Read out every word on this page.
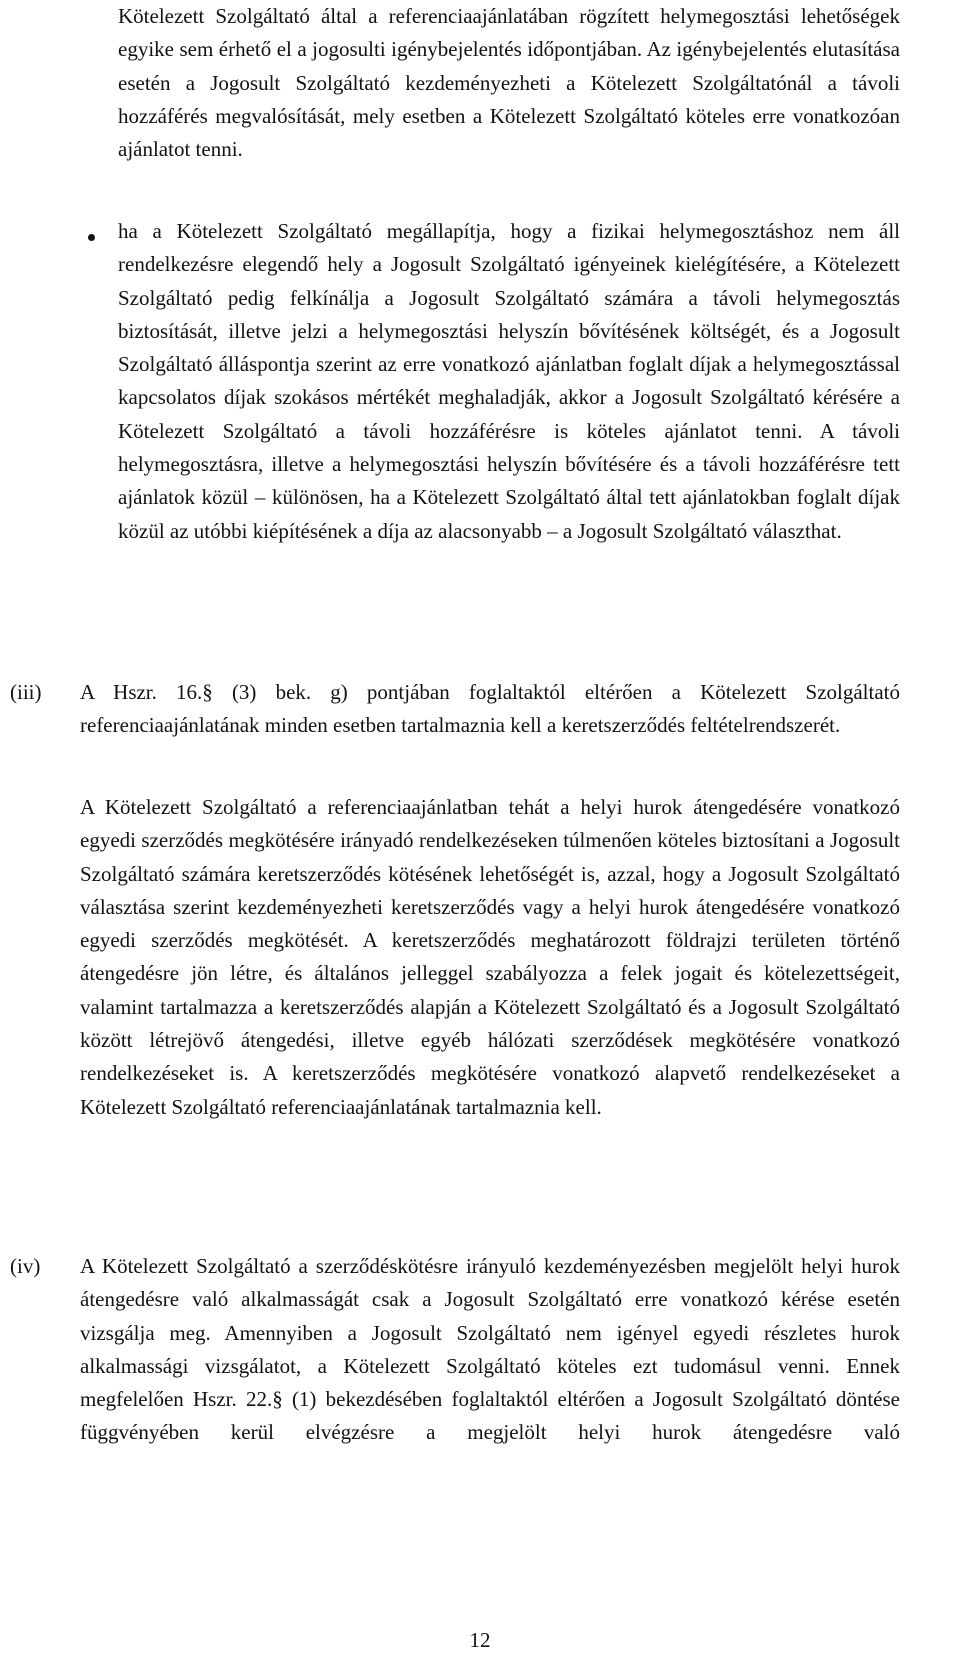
Kötelezett Szolgáltató által a referenciaajánlatában rögzített helymegosztási lehetőségek egyike sem érhető el a jogosulti igénybejelentés időpontjában. Az igénybejelentés elutasítása esetén a Jogosult Szolgáltató kezdeményezheti a Kötelezett Szolgáltatónál a távoli hozzáférés megvalósítását, mely esetben a Kötelezett Szolgáltató köteles erre vonatkozóan ajánlatot tenni.

ha a Kötelezett Szolgáltató megállapítja, hogy a fizikai helymegosztáshoz nem áll rendelkezésre elegendő hely a Jogosult Szolgáltató igényeinek kielégítésére, a Kötelezett Szolgáltató pedig felkínálja a Jogosult Szolgáltató számára a távoli helymegosztás biztosítását, illetve jelzi a helymegosztási helyszín bővítésének költségét, és a Jogosult Szolgáltató álláspontja szerint az erre vonatkozó ajánlatban foglalt díjak a helymegosztással kapcsolatos díjak szokásos mértékét meghaladják, akkor a Jogosult Szolgáltató kérésére a Kötelezett Szolgáltató a távoli hozzáférésre is köteles ajánlatot tenni. A távoli helymegosztásra, illetve a helymegosztási helyszín bővítésére és a távoli hozzáférésre tett ajánlatok közül – különösen, ha a Kötelezett Szolgáltató által tett ajánlatokban foglalt díjak közül az utóbbi kiépítésének a díja az alacsonyabb – a Jogosult Szolgáltató választhat.

(iii) A Hszr. 16.§ (3) bek. g) pontjában foglaltaktól eltérően a Kötelezett Szolgáltató referenciaajánlatának minden esetben tartalmaznia kell a keretszerződés feltételrendszerét.

A Kötelezett Szolgáltató a referenciaajánlatban tehát a helyi hurok átengedésére vonatkozó egyedi szerződés megkötésére irányadó rendelkezéseken túlmenően köteles biztosítani a Jogosult Szolgáltató számára keretszerződés kötésének lehetőségét is, azzal, hogy a Jogosult Szolgáltató választása szerint kezdeményezheti keretszerződés vagy a helyi hurok átengedésére vonatkozó egyedi szerződés megkötését. A keretszerződés meghatározott földrajzi területen történő átengedésre jön létre, és általános jelleggel szabályozza a felek jogait és kötelezettségeit, valamint tartalmazza a keretszerződés alapján a Kötelezett Szolgáltató és a Jogosult Szolgáltató között létrejövő átengedési, illetve egyéb hálózati szerződések megkötésére vonatkozó rendelkezéseket is. A keretszerződés megkötésére vonatkozó alapvető rendelkezéseket a Kötelezett Szolgáltató referenciaajánlatának tartalmaznia kell.

(iv) A Kötelezett Szolgáltató a szerződéskötésre irányuló kezdeményezésben megjelölt helyi hurok átengedésre való alkalmasságát csak a Jogosult Szolgáltató erre vonatkozó kérése esetén vizsgálja meg. Amennyiben a Jogosult Szolgáltató nem igényel egyedi részletes hurok alkalmassági vizsgálatot, a Kötelezett Szolgáltató köteles ezt tudomásul venni. Ennek megfelelően Hszr. 22.§ (1) bekezdésében foglaltaktól eltérően a Jogosult Szolgáltató döntése függvényében kerül elvégzésre a megjelölt helyi hurok átengedésre való

12
